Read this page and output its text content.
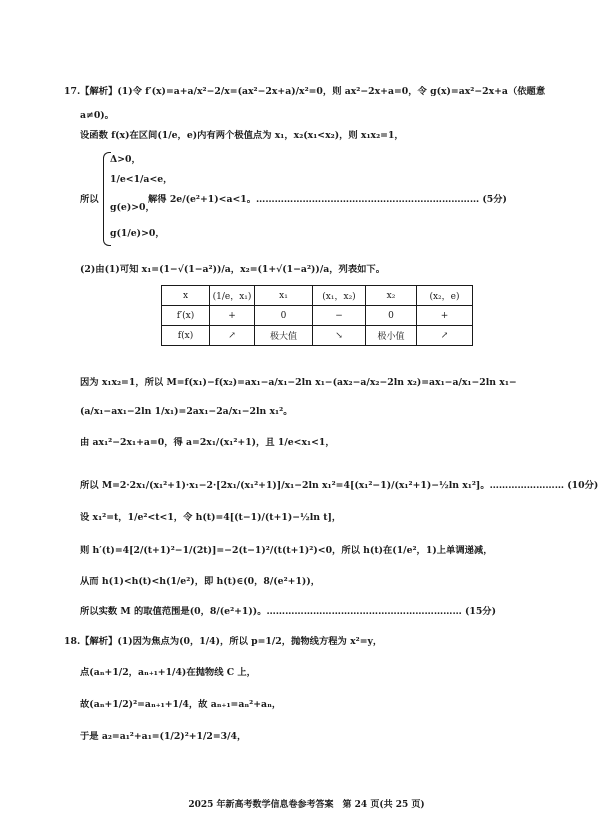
17.【解析】(1)令 f′(x)=a+a/x²−2/x=(ax²−2x+a)/x²=0，则 ax²−2x+a=0，令 g(x)=ax²−2x+a（依题意
a≠0)。
设函数 f(x)在区间(1/e，e)内有两个极值点为 x₁，x₂(x₁<x₂)，则 x₁x₂=1，
Δ>0，
1/e<1/a<e，
所以	解得 2e/(e²+1)<a<1。……………………………………………………………… (5分)
g(e)>0，
g(1/e)>0，
(2)由(1)可知 x₁=(1−√(1−a²))/a，x₂=(1+√(1−a²))/a，列表如下。
因为 x₁x₂=1，所以 M=f(x₁)−f(x₂)=ax₁−a/x₁−2ln x₁−(ax₂−a/x₂−2ln x₂)=ax₁−a/x₁−2ln x₁−
(a/x₁−ax₁−2ln 1/x₁)=2ax₁−2a/x₁−2ln x₁²。
由 ax₁²−2x₁+a=0，得 a=2x₁/(x₁²+1)，且 1/e<x₁<1，
所以 M=2·2x₁/(x₁²+1)·x₁−2·[2x₁/(x₁²+1)]/x₁−2ln x₁²=4[(x₁²−1)/(x₁²+1)−½ln x₁²]。…………………… (10分)
设 x₁²=t，1/e²<t<1，令 h(t)=4[(t−1)/(t+1)−½ln t]，
则 h′(t)=4[2/(t+1)²−1/(2t)]=−2(t−1)²/(t(t+1)²)<0，所以 h(t)在(1/e²，1)上单调递减，
从而 h(1)<h(t)<h(1/e²)，即 h(t)∈(0，8/(e²+1))，
所以实数 M 的取值范围是(0，8/(e²+1))。……………………………………………………… (15分)
18.【解析】(1)因为焦点为(0，1/4)，所以 p=1/2，抛物线方程为 x²=y，
点(aₙ+1/2，aₙ₊₁+1/4)在抛物线 C 上，
故(aₙ+1/2)²=aₙ₊₁+1/4，故 aₙ₊₁=aₙ²+aₙ，
于是 a₂=a₁²+a₁=(1/2)²+1/2=3/4，
x	(1/e，x₁)	x₁	(x₁，x₂)	x₂	(x₂，e)
f′(x)	+	0	−	0	+
f(x)	↗	极大值	↘	极小值	↗
2025 年新高考数学信息卷参考答案　第 24 页(共 25 页)
